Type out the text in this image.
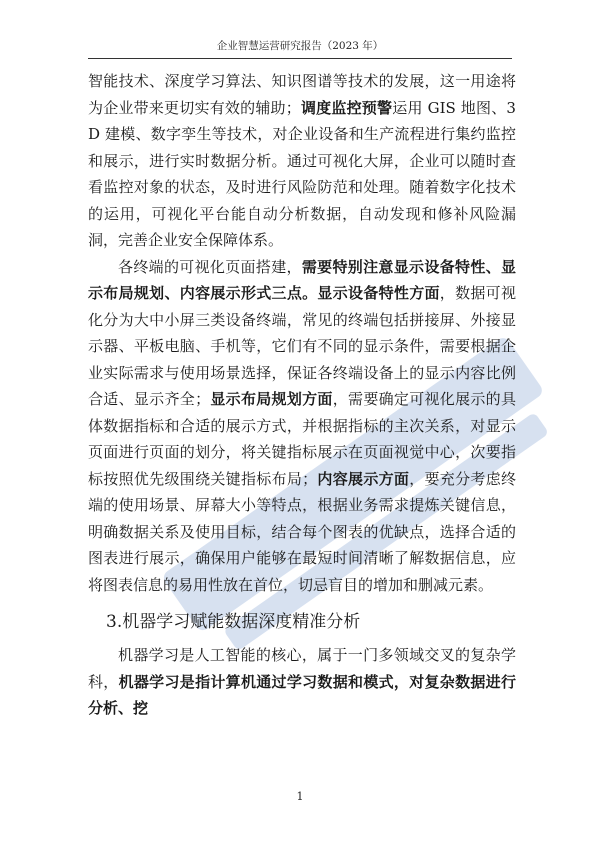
企业智慧运营研究报告（2023 年）

智能技术、深度学习算法、知识图谱等技术的发展，这一用途将为企业带来更切实有效的辅助；调度监控预警运用 GIS 地图、3D 建模、数字孪生等技术，对企业设备和生产流程进行集约监控和展示，进行实时数据分析。通过可视化大屏，企业可以随时查看监控对象的状态，及时进行风险防范和处理。随着数字化技术的运用，可视化平台能自动分析数据，自动发现和修补风险漏洞，完善企业安全保障体系。

各终端的可视化页面搭建，需要特别注意显示设备特性、显示布局规划、内容展示形式三点。显示设备特性方面，数据可视化分为大中小屏三类设备终端，常见的终端包括拼接屏、外接显示器、平板电脑、手机等，它们有不同的显示条件，需要根据企业实际需求与使用场景选择，保证各终端设备上的显示内容比例合适、显示齐全；显示布局规划方面，需要确定可视化展示的具体数据指标和合适的展示方式，并根据指标的主次关系，对显示页面进行页面的划分，将关键指标展示在页面视觉中心，次要指标按照优先级围绕关键指标布局；内容展示方面，要充分考虑终端的使用场景、屏幕大小等特点，根据业务需求提炼关键信息，明确数据关系及使用目标，结合每个图表的优缺点，选择合适的图表进行展示，确保用户能够在最短时间清晰了解数据信息，应将图表信息的易用性放在首位，切忌盲目的增加和删减元素。

3.机器学习赋能数据深度精准分析

机器学习是人工智能的核心，属于一门多领域交叉的复杂学科，机器学习是指计算机通过学习数据和模式，对复杂数据进行分析、挖

1
